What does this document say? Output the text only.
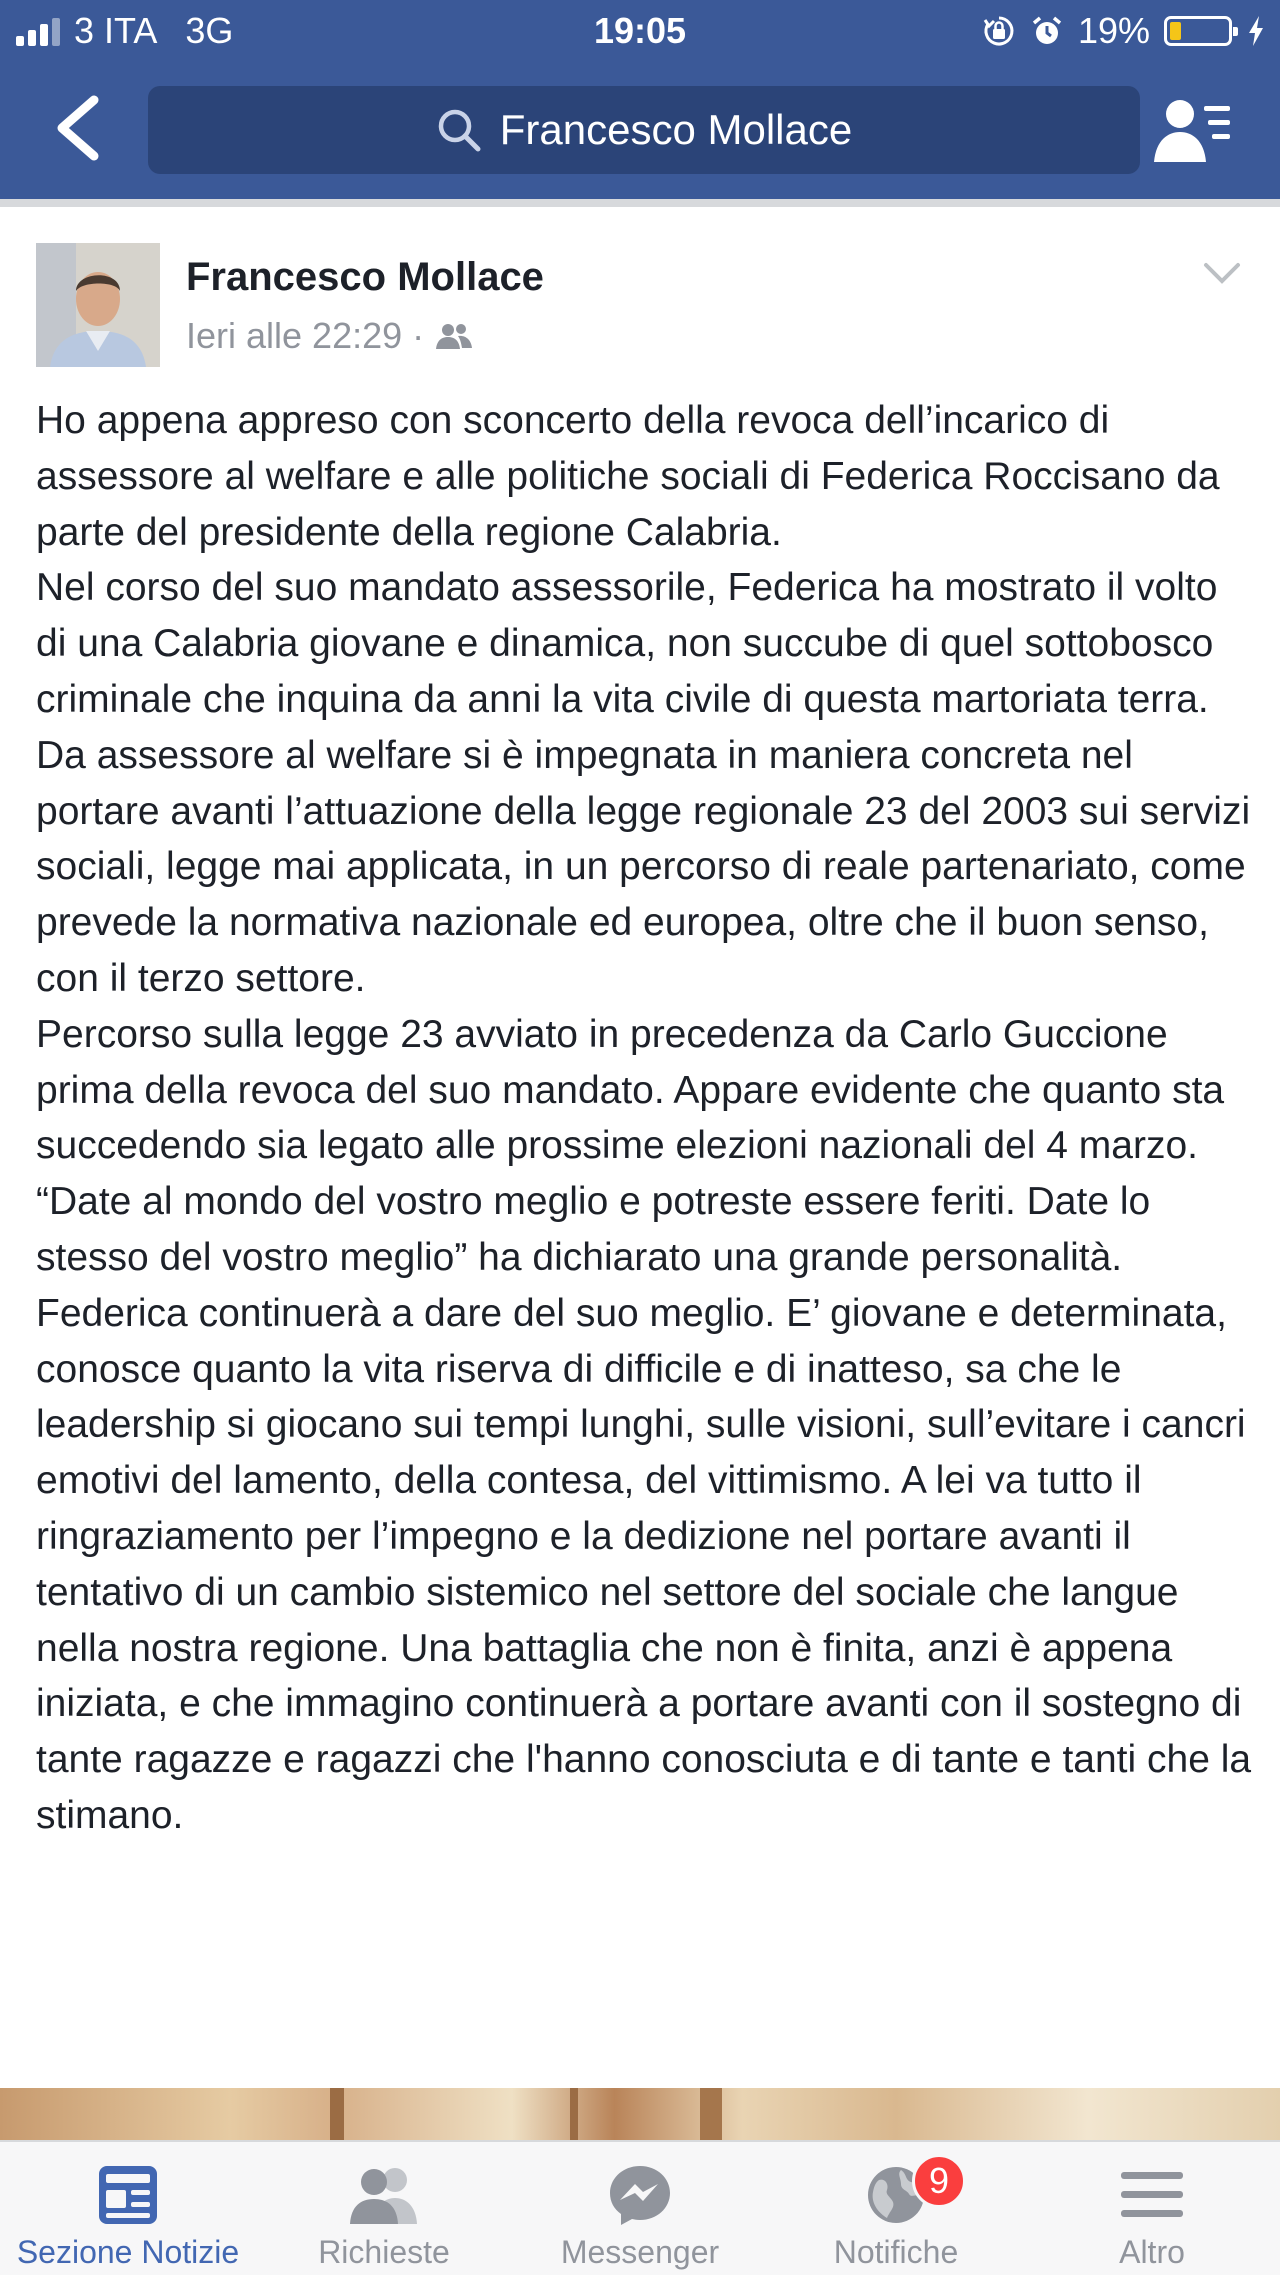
3 ITA 3G	19:05	19%
Francesco Mollace
Francesco Mollace
Ieri alle 22:29 ·

Ho appena appreso con sconcerto della revoca dell’incarico di assessore al welfare e alle politiche sociali di Federica Roccisano da parte del presidente della regione Calabria.

Nel corso del suo mandato assessorile, Federica ha mostrato il volto di una Calabria giovane e dinamica, non succube di quel sottobosco criminale che inquina da anni la vita civile di questa martoriata terra. Da assessore al welfare si è impegnata in maniera concreta nel portare avanti l’attuazione della legge regionale 23 del 2003 sui servizi sociali, legge mai applicata, in un percorso di reale partenariato, come prevede la normativa nazionale ed europea, oltre che il buon senso, con il terzo settore.

Percorso sulla legge 23 avviato in precedenza da Carlo Guccione prima della revoca del suo mandato. Appare evidente che quanto sta succedendo sia legato alle prossime elezioni nazionali del 4 marzo.

“Date al mondo del vostro meglio e potreste essere feriti. Date lo stesso del vostro meglio” ha dichiarato una grande personalità.

Federica continuerà a dare del suo meglio. E’ giovane e determinata, conosce quanto la vita riserva di difficile e di inatteso, sa che le leadership si giocano sui tempi lunghi, sulle visioni, sull’evitare i cancri emotivi del lamento, della contesa, del vittimismo. A lei va tutto il ringraziamento per l’impegno e la dedizione nel portare avanti il tentativo di un cambio sistemico nel settore del sociale che langue nella nostra regione. Una battaglia che non è finita, anzi è appena iniziata, e che immagino continuerà a portare avanti con il sostegno di tante ragazze e ragazzi che l'hanno conosciuta e di tante e tanti che la stimano.

Sezione Notizie	Richieste	Messenger	Notifiche	Altro
9
